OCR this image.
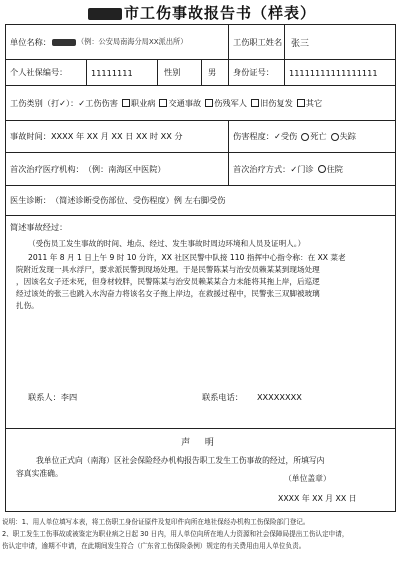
市工伤事故报告书（样表）
单位名称：	（例：公安局南海分局XX派出所）	工伤职工姓名 张三
个人社保编号：	11111111	性别	男	身份证号：	11111111111111111
工伤类别（打✓）： ✓工伤伤害 职业病 交通事故 伤残军人 旧伤复发 其它
事故时间： XXXX 年 XX 月 XX 日 XX 时 XX 分	伤害程度： ✓受伤 死亡 失踪
首次治疗医疗机构： （例：南海区中医院）	首次治疗方式： ✓门诊 住院
医生诊断： （简述诊断受伤部位、受伤程度）例 左右脚受伤
简述事故经过：
（受伤员工发生事故的时间、地点、经过、发生事故时周边环境和人员及证明人。）
2011 年 8 月 1 日上午 9 时 10 分许，XX 社区民警中队接 110 指挥中心指令称：在 XX 菜老
院附近发现一具水浮尸，要求派民警到现场处理。于是民警陈某与治安员赖某某到现场处理
，因该名女子还未死，但身材较胖，民警陈某与治安员赖某某合力未能将其拖上岸，后巡逻
经过该处的张三也跳入水沟奋力将该名女子拖上岸边，在救援过程中，民警张三双脚被玻璃
扎伤。
联系人：李四	联系电话： XXXXXXXX
声 明
我单位正式向（南海）区社会保险经办机构报告职工发生工伤事故的经过，所填写内
容真实准确。
（单位盖章）
XXXX 年 XX 月 XX 日
说明：1、用人单位填写本表，将工伤职工身份证原件及复印件向所在地社保经办机构工伤保险部门登记。
2、职工发生工伤事故或被鉴定为职业病之日起 30 日内，用人单位向所在地人力资源和社会保障局提出工伤认定申请，
伤认定申请，逾期不申请，在此期间发生符合（广东省工伤保险条例）规定的有关费用由用人单位负责。
